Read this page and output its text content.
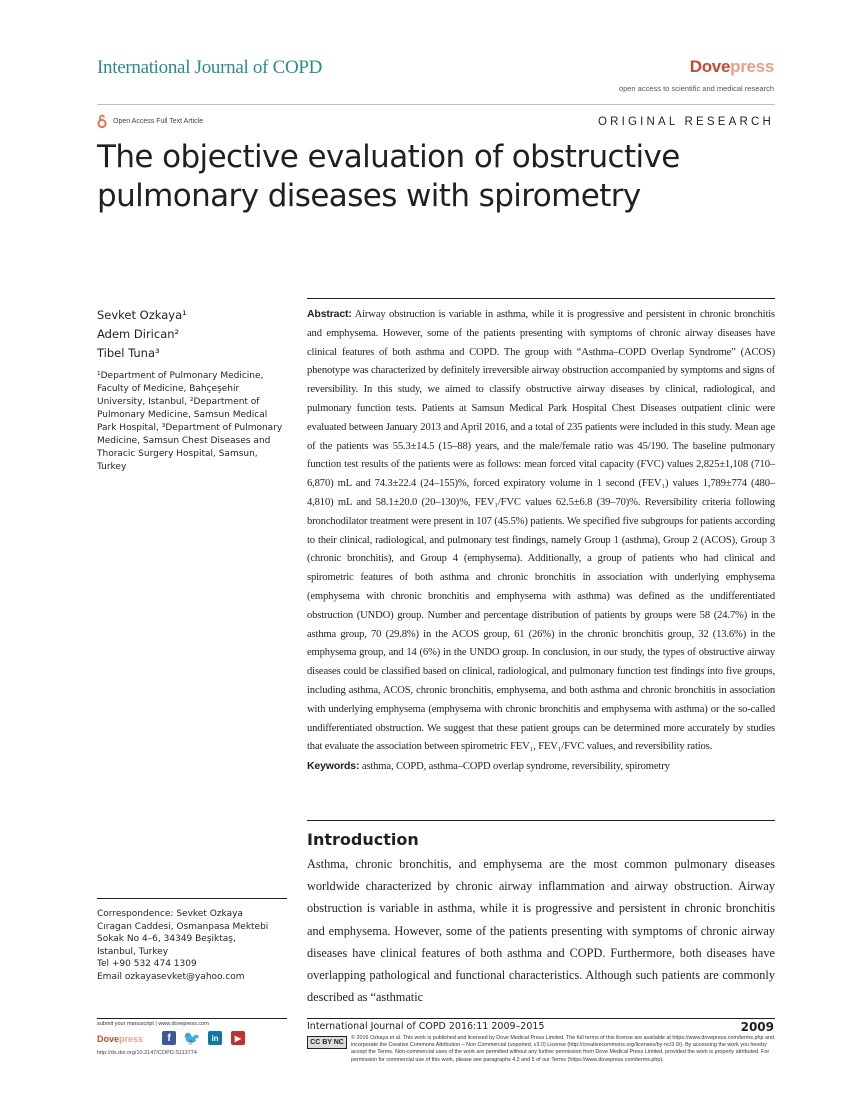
International Journal of COPD	Dovepress
open access to scientific and medical research
Open Access Full Text Article	ORIGINAL RESEARCH
The objective evaluation of obstructive pulmonary diseases with spirometry
Sevket Ozkaya¹
Adem Dirican²
Tibel Tuna³
¹Department of Pulmonary Medicine, Faculty of Medicine, Bahçeşehir University, Istanbul, ²Department of Pulmonary Medicine, Samsun Medical Park Hospital, ³Department of Pulmonary Medicine, Samsun Chest Diseases and Thoracic Surgery Hospital, Samsun, Turkey
Correspondence: Sevket Ozkaya
Cıragan Caddesi, Osmanpasa Mektebi
Sokak No 4–6, 34349 Beşiktaş,
Istanbul, Turkey
Tel +90 532 474 1309
Email ozkayasevket@yahoo.com

Abstract: Airway obstruction is variable in asthma, while it is progressive and persistent in chronic bronchitis and emphysema. However, some of the patients presenting with symptoms of chronic airway diseases have clinical features of both asthma and COPD. The group with “Asthma–COPD Overlap Syndrome” (ACOS) phenotype was characterized by definitely irreversible airway obstruction accompanied by symptoms and signs of reversibility. In this study, we aimed to classify obstructive airway diseases by clinical, radiological, and pulmonary function tests. Patients at Samsun Medical Park Hospital Chest Diseases outpatient clinic were evaluated between January 2013 and April 2016, and a total of 235 patients were included in this study. Mean age of the patients was 55.3±14.5 (15–88) years, and the male/female ratio was 45/190. The baseline pulmonary function test results of the patients were as follows: mean forced vital capacity (FVC) values 2,825±1,108 (710–6,870) mL and 74.3±22.4 (24–155)%, forced expiratory volume in 1 second (FEV₁) values 1,789±774 (480–4,810) mL and 58.1±20.0 (20–130)%, FEV₁/FVC values 62.5±6.8 (39–70)%. Reversibility criteria following bronchodilator treatment were present in 107 (45.5%) patients. We specified five subgroups for patients according to their clinical, radiological, and pulmonary test findings, namely Group 1 (asthma), Group 2 (ACOS), Group 3 (chronic bronchitis), and Group 4 (emphysema). Additionally, a group of patients who had clinical and spirometric features of both asthma and chronic bronchitis in association with underlying emphysema (emphysema with chronic bronchitis and emphysema with asthma) was defined as the undifferentiated obstruction (UNDO) group. Number and percentage distribution of patients by groups were 58 (24.7%) in the asthma group, 70 (29.8%) in the ACOS group, 61 (26%) in the chronic bronchitis group, 32 (13.6%) in the emphysema group, and 14 (6%) in the UNDO group. In conclusion, in our study, the types of obstructive airway diseases could be classified based on clinical, radiological, and pulmonary function test findings into five groups, including asthma, ACOS, chronic bronchitis, emphysema, and both asthma and chronic bronchitis in association with underlying emphysema (emphysema with chronic bronchitis and emphysema with asthma) or the so-called undifferentiated obstruction. We suggest that these patient groups can be determined more accurately by studies that evaluate the association between spirometric FEV₁, FEV₁/FVC values, and reversibility ratios.

Keywords: asthma, COPD, asthma–COPD overlap syndrome, reversibility, spirometry

Introduction
Asthma, chronic bronchitis, and emphysema are the most common pulmonary diseases worldwide characterized by chronic airway inflammation and airway obstruction. Airway obstruction is variable in asthma, while it is progressive and persistent in chronic bronchitis and emphysema. However, some of the patients presenting with symptoms of chronic airway diseases have clinical features of both asthma and COPD. Furthermore, both diseases have overlapping pathological and functional characteristics. Although such patients are commonly described as “asthmatic
submit your manuscript | www.dovepress.com
Dovepress	f 🐦	in	▶
http://dx.doi.org/10.2147/COPD.S113774
International Journal of COPD 2016:11 2009–2015	2009
CC BY NC
© 2016 Ozkaya et al. This work is published and licensed by Dove Medical Press Limited. The full terms of this license are available at https://www.dovepress.com/terms.php and incorporate the Creative Commons Attribution – Non Commercial (unported, v3.0) License (http://creativecommons.org/licenses/by-nc/3.0/). By accessing the work you hereby accept the Terms. Non-commercial uses of the work are permitted without any further permission from Dove Medical Press Limited, provided the work is properly attributed. For permission for commercial use of this work, please see paragraphs 4.2 and 5 of our Terms (https://www.dovepress.com/terms.php).
